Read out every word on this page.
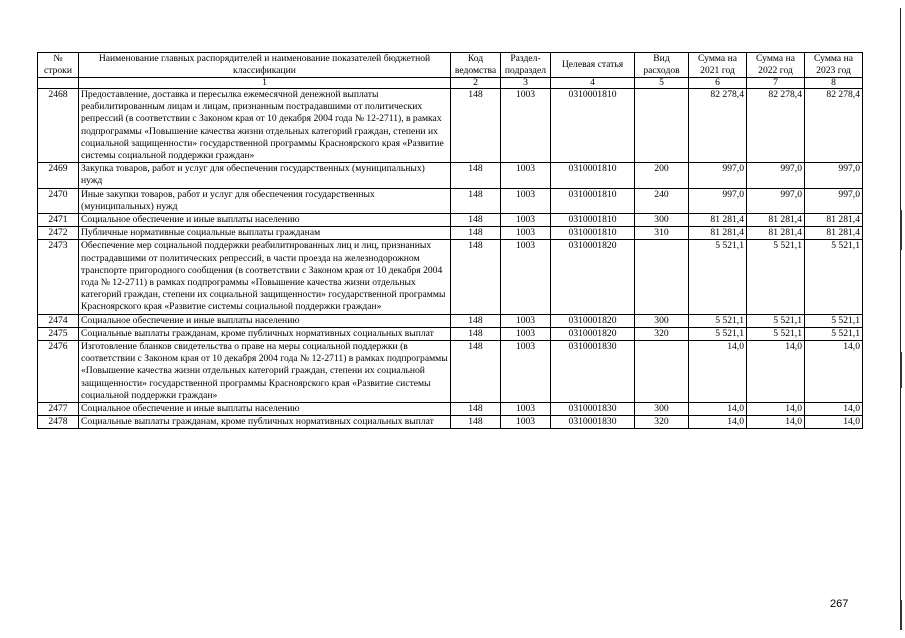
№ строки	Наименование главных распорядителей и наименование показателей бюджетной классификации	Код ведомства	Раздел-подраздел	Целевая статья	Вид расходов	Сумма на 2021 год	Сумма на 2022 год	Сумма на 2023 год
	1	2	3	4	5	6	7	8
2468	Предоставление, доставка и пересылка ежемесячной денежной выплаты реабилитированным лицам и лицам, признанным пострадавшими от политических репрессий (в соответствии с Законом края от 10 декабря 2004 года № 12-2711), в рамках подпрограммы «Повышение качества жизни отдельных категорий граждан, степени их социальной защищенности» государственной программы Красноярского края «Развитие системы социальной поддержки граждан»	148	1003	0310001810		82 278,4	82 278,4	82 278,4
2469	Закупка товаров, работ и услуг для обеспечения государственных (муниципальных) нужд	148	1003	0310001810	200	997,0	997,0	997,0
2470	Иные закупки товаров, работ и услуг для обеспечения государственных (муниципальных) нужд	148	1003	0310001810	240	997,0	997,0	997,0
2471	Социальное обеспечение и иные выплаты населению	148	1003	0310001810	300	81 281,4	81 281,4	81 281,4
2472	Публичные нормативные социальные выплаты гражданам	148	1003	0310001810	310	81 281,4	81 281,4	81 281,4
2473	Обеспечение мер социальной поддержки реабилитированных лиц и лиц, признанных пострадавшими от политических репрессий, в части проезда на железнодорожном транспорте пригородного сообщения (в соответствии с Законом края от 10 декабря 2004 года № 12-2711) в рамках подпрограммы «Повышение качества жизни отдельных категорий граждан, степени их социальной защищенности» государственной программы Красноярского края «Развитие системы социальной поддержки граждан»	148	1003	0310001820		5 521,1	5 521,1	5 521,1
2474	Социальное обеспечение и иные выплаты населению	148	1003	0310001820	300	5 521,1	5 521,1	5 521,1
2475	Социальные выплаты гражданам, кроме публичных нормативных социальных выплат	148	1003	0310001820	320	5 521,1	5 521,1	5 521,1
2476	Изготовление бланков свидетельства о праве на меры социальной поддержки (в соответствии с Законом края от 10 декабря 2004 года № 12-2711) в рамках подпрограммы «Повышение качества жизни отдельных категорий граждан, степени их социальной защищенности» государственной программы Красноярского края «Развитие системы социальной поддержки граждан»	148	1003	0310001830		14,0	14,0	14,0
2477	Социальное обеспечение и иные выплаты населению	148	1003	0310001830	300	14,0	14,0	14,0
2478	Социальные выплаты гражданам, кроме публичных нормативных социальных выплат	148	1003	0310001830	320	14,0	14,0	14,0
267
